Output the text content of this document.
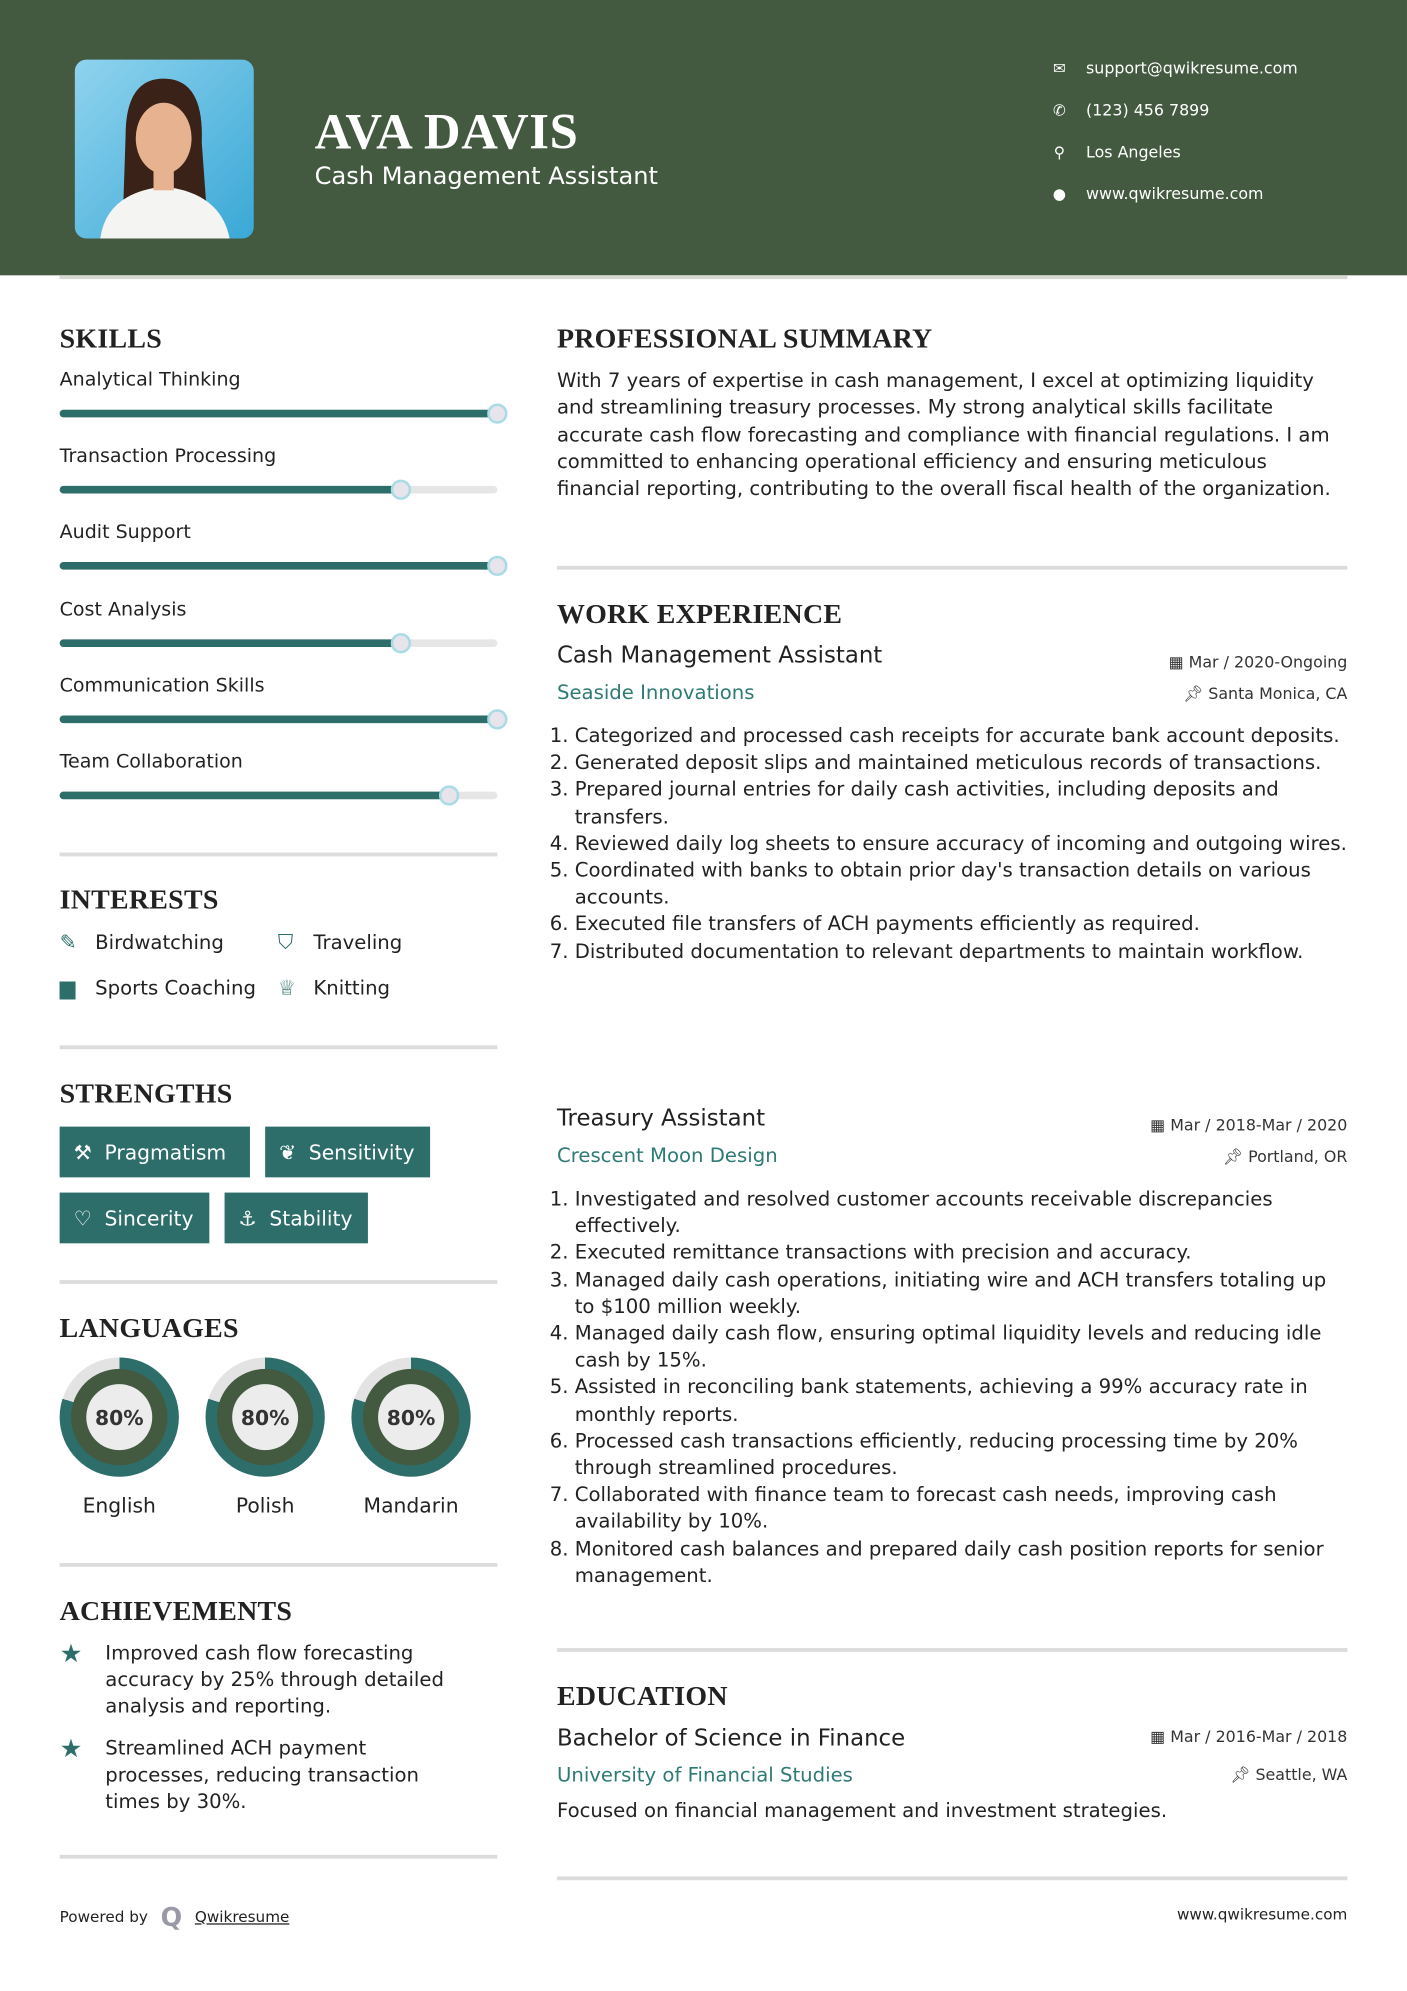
AVA DAVIS
Cash Management Assistant
✉ support@qwikresume.com
✆ (123) 456 7899
⚲ Los Angeles
● www.qwikresume.com
SKILLS
Analytical Thinking
Transaction Processing
Audit Support
Cost Analysis
Communication Skills
Team Collaboration
INTERESTS
✎	Birdwatching	⛉	Traveling
▆	Sports Coaching ♕	Knitting
STRENGTHS
⚒ Pragmatism	❦ Sensitivity
♡ Sincerity	⚓ Stability
LANGUAGES
80%
English
80%
Polish
80%
Mandarin
ACHIEVEMENTS
★ Improved cash flow forecasting accuracy by 25% through detailed analysis and reporting.
★ Streamlined ACH payment processes, reducing transaction times by 30%.
PROFESSIONAL SUMMARY
With 7 years of expertise in cash management, I excel at optimizing liquidity and streamlining treasury processes. My strong analytical skills facilitate accurate cash flow forecasting and compliance with financial regulations. I am committed to enhancing operational efficiency and ensuring meticulous financial reporting, contributing to the overall fiscal health of the organization.
WORK EXPERIENCE
Cash Management Assistant	▦ Mar / 2020-Ongoing
Seaside Innovations	📌︎ Santa Monica, CA
1. Categorized and processed cash receipts for accurate bank account deposits.
2. Generated deposit slips and maintained meticulous records of transactions.
3. Prepared journal entries for daily cash activities, including deposits and transfers.
4. Reviewed daily log sheets to ensure accuracy of incoming and outgoing wires.
5. Coordinated with banks to obtain prior day's transaction details on various accounts.
6. Executed file transfers of ACH payments efficiently as required.
7. Distributed documentation to relevant departments to maintain workflow.
Treasury Assistant	▦ Mar / 2018-Mar / 2020
Crescent Moon Design	📌︎ Portland, OR
1. Investigated and resolved customer accounts receivable discrepancies effectively.
2. Executed remittance transactions with precision and accuracy.
3. Managed daily cash operations, initiating wire and ACH transfers totaling up to $100 million weekly.
4. Managed daily cash flow, ensuring optimal liquidity levels and reducing idle cash by 15%.
5. Assisted in reconciling bank statements, achieving a 99% accuracy rate in monthly reports.
6. Processed cash transactions efficiently, reducing processing time by 20% through streamlined procedures.
7. Collaborated with finance team to forecast cash needs, improving cash availability by 10%.
8. Monitored cash balances and prepared daily cash position reports for senior management.
EDUCATION
Bachelor of Science in Finance	▦ Mar / 2016-Mar / 2018
University of Financial Studies	📌︎ Seattle, WA
Focused on financial management and investment strategies.
Powered by Q Qwikresume	www.qwikresume.com
